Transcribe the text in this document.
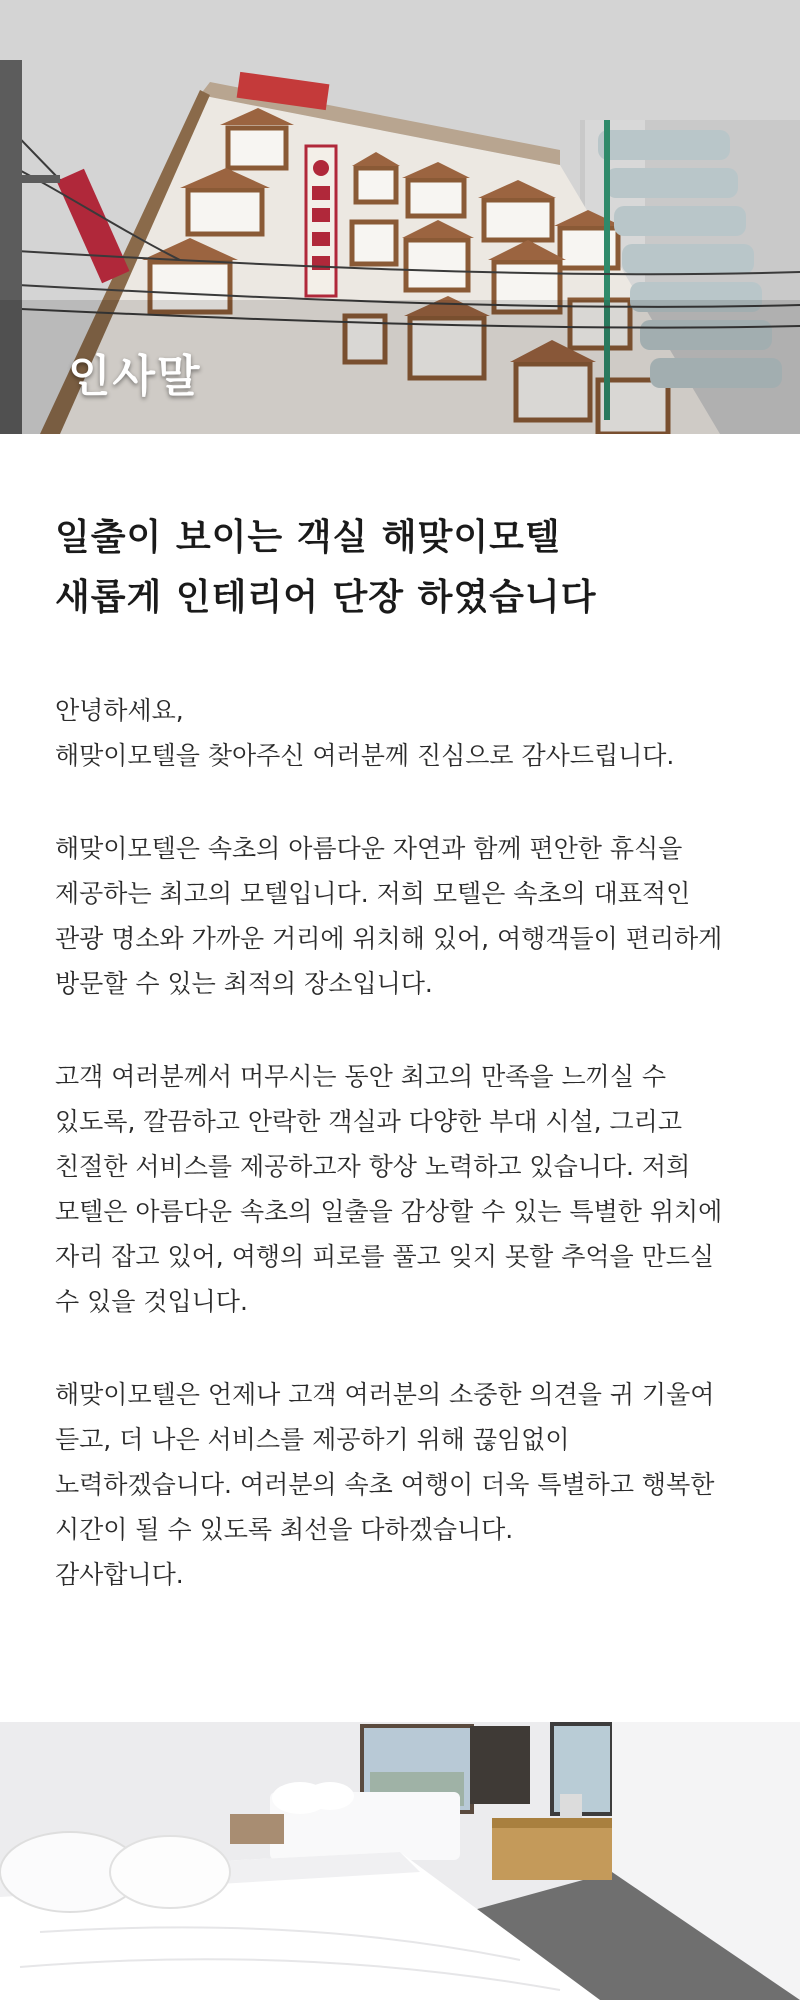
인사말
일출이 보이는 객실 해맞이모텔
새롭게 인테리어 단장 하였습니다

안녕하세요,
해맞이모텔을 찾아주신 여러분께 진심으로 감사드립니다.

해맞이모텔은 속초의 아름다운 자연과 함께 편안한 휴식을
제공하는 최고의 모텔입니다. 저희 모텔은 속초의 대표적인
관광 명소와 가까운 거리에 위치해 있어, 여행객들이 편리하게
방문할 수 있는 최적의 장소입니다.

고객 여러분께서 머무시는 동안 최고의 만족을 느끼실 수
있도록, 깔끔하고 안락한 객실과 다양한 부대 시설, 그리고
친절한 서비스를 제공하고자 항상 노력하고 있습니다. 저희
모텔은 아름다운 속초의 일출을 감상할 수 있는 특별한 위치에
자리 잡고 있어, 여행의 피로를 풀고 잊지 못할 추억을 만드실
수 있을 것입니다.

해맞이모텔은 언제나 고객 여러분의 소중한 의견을 귀 기울여
듣고, 더 나은 서비스를 제공하기 위해 끊임없이
노력하겠습니다. 여러분의 속초 여행이 더욱 특별하고 행복한
시간이 될 수 있도록 최선을 다하겠습니다.
감사합니다.
